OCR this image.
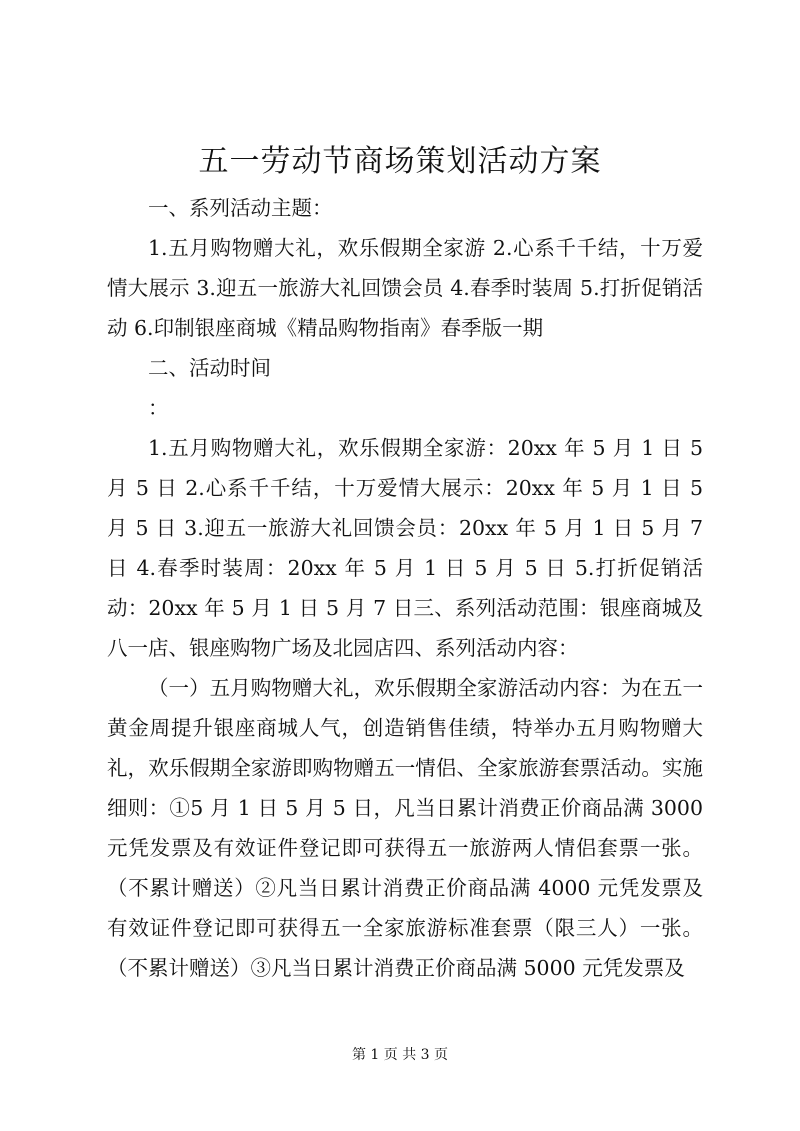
五一劳动节商场策划活动方案

一、系列活动主题：

1.五月购物赠大礼，欢乐假期全家游 2.心系千千结，十万爱情大展示 3.迎五一旅游大礼回馈会员 4.春季时装周 5.打折促销活动 6.印制银座商城《精品购物指南》春季版一期

二、活动时间

：

1.五月购物赠大礼，欢乐假期全家游：20xx 年 5 月 1 日 5 月 5 日 2.心系千千结，十万爱情大展示：20xx 年 5 月 1 日 5 月 5 日 3.迎五一旅游大礼回馈会员：20xx 年 5 月 1 日 5 月 7 日 4.春季时装周：20xx 年 5 月 1 日 5 月 5 日 5.打折促销活动：20xx 年 5 月 1 日 5 月 7 日三、系列活动范围：银座商城及八一店、银座购物广场及北园店四、系列活动内容：

（一）五月购物赠大礼，欢乐假期全家游活动内容：为在五一黄金周提升银座商城人气，创造销售佳绩，特举办五月购物赠大礼，欢乐假期全家游即购物赠五一情侣、全家旅游套票活动。实施细则：①5 月 1 日 5 月 5 日，凡当日累计消费正价商品满 3000 元凭发票及有效证件登记即可获得五一旅游两人情侣套票一张。（不累计赠送）②凡当日累计消费正价商品满 4000 元凭发票及有效证件登记即可获得五一全家旅游标准套票（限三人）一张。（不累计赠送）③凡当日累计消费正价商品满 5000 元凭发票及

第 1 页 共 3 页
